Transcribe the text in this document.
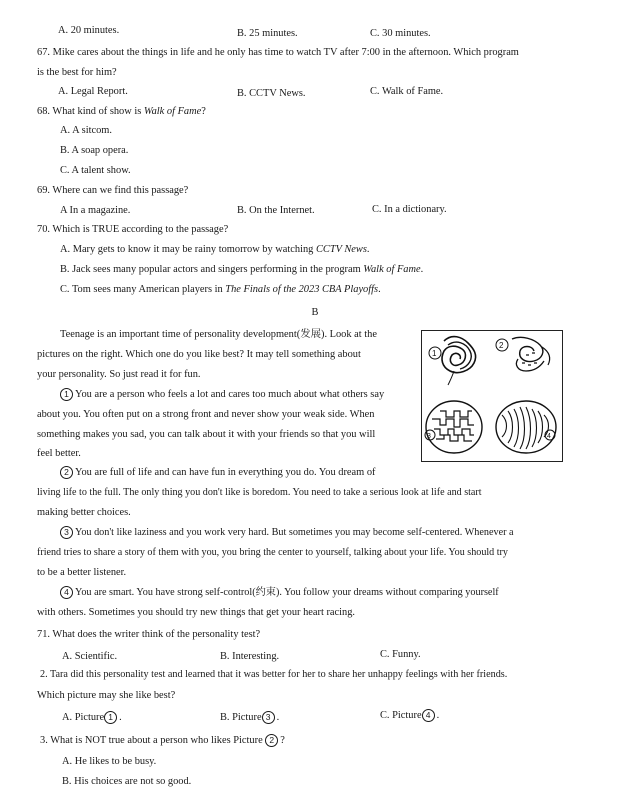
A. 20 minutes.	B. 25 minutes.	C. 30 minutes.
67. Mike cares about the things in life and he only has time to watch TV after 7:00 in the afternoon. Which program
is the best for him?
A. Legal Report.	B. CCTV News.	C. Walk of Fame.
68. What kind of show is Walk of Fame?
A. A sitcom.
B. A soap opera.
C. A talent show.
69. Where can we find this passage?
A In a magazine.	B. On the Internet.	C. In a dictionary.
70. Which is TRUE according to the passage?
A. Mary gets to know it may be rainy tomorrow by watching CCTV News.
B. Jack sees many popular actors and singers performing in the program Walk of Fame.
C. Tom sees many American players in The Finals of the 2023 CBA Playoffs.
B
Teenage is an important time of personality development(发展). Look at the
pictures on the right. Which one do you like best? It may tell something about
your personality. So just read it for fun.
1 You are a person who feels a lot and cares too much about what others say
about you. You often put on a strong front and never show your weak side. When
something makes you sad, you can talk about it with your friends so that you will
feel better.
2 You are full of life and can have fun in everything you do. You dream of
living life to the full. The only thing you don't like is boredom. You need to take a serious look at life and start
making better choices.
3 You don't like laziness and you work very hard. But sometimes you may become self-centered. Whenever a
friend tries to share a story of them with you, you bring the center to yourself, talking about your life. You should try
to be a better listener.
4 You are smart. You have strong self-control(约束). You follow your dreams without comparing yourself
with others. Sometimes you should try new things that get your heart racing.
1
2
3	4
71. What does the writer think of the personality test?
A. Scientific.	B. Interesting.	C. Funny.
2. Tara did this personality test and learned that it was better for her to share her unhappy feelings with her friends.
Which picture may she like best?
A. Picture 1 .	B. Picture 3 .	C. Picture 4 .
3. What is NOT true about a person who likes Picture 2 ?
A. He likes to be busy.
B. His choices are not so good.
